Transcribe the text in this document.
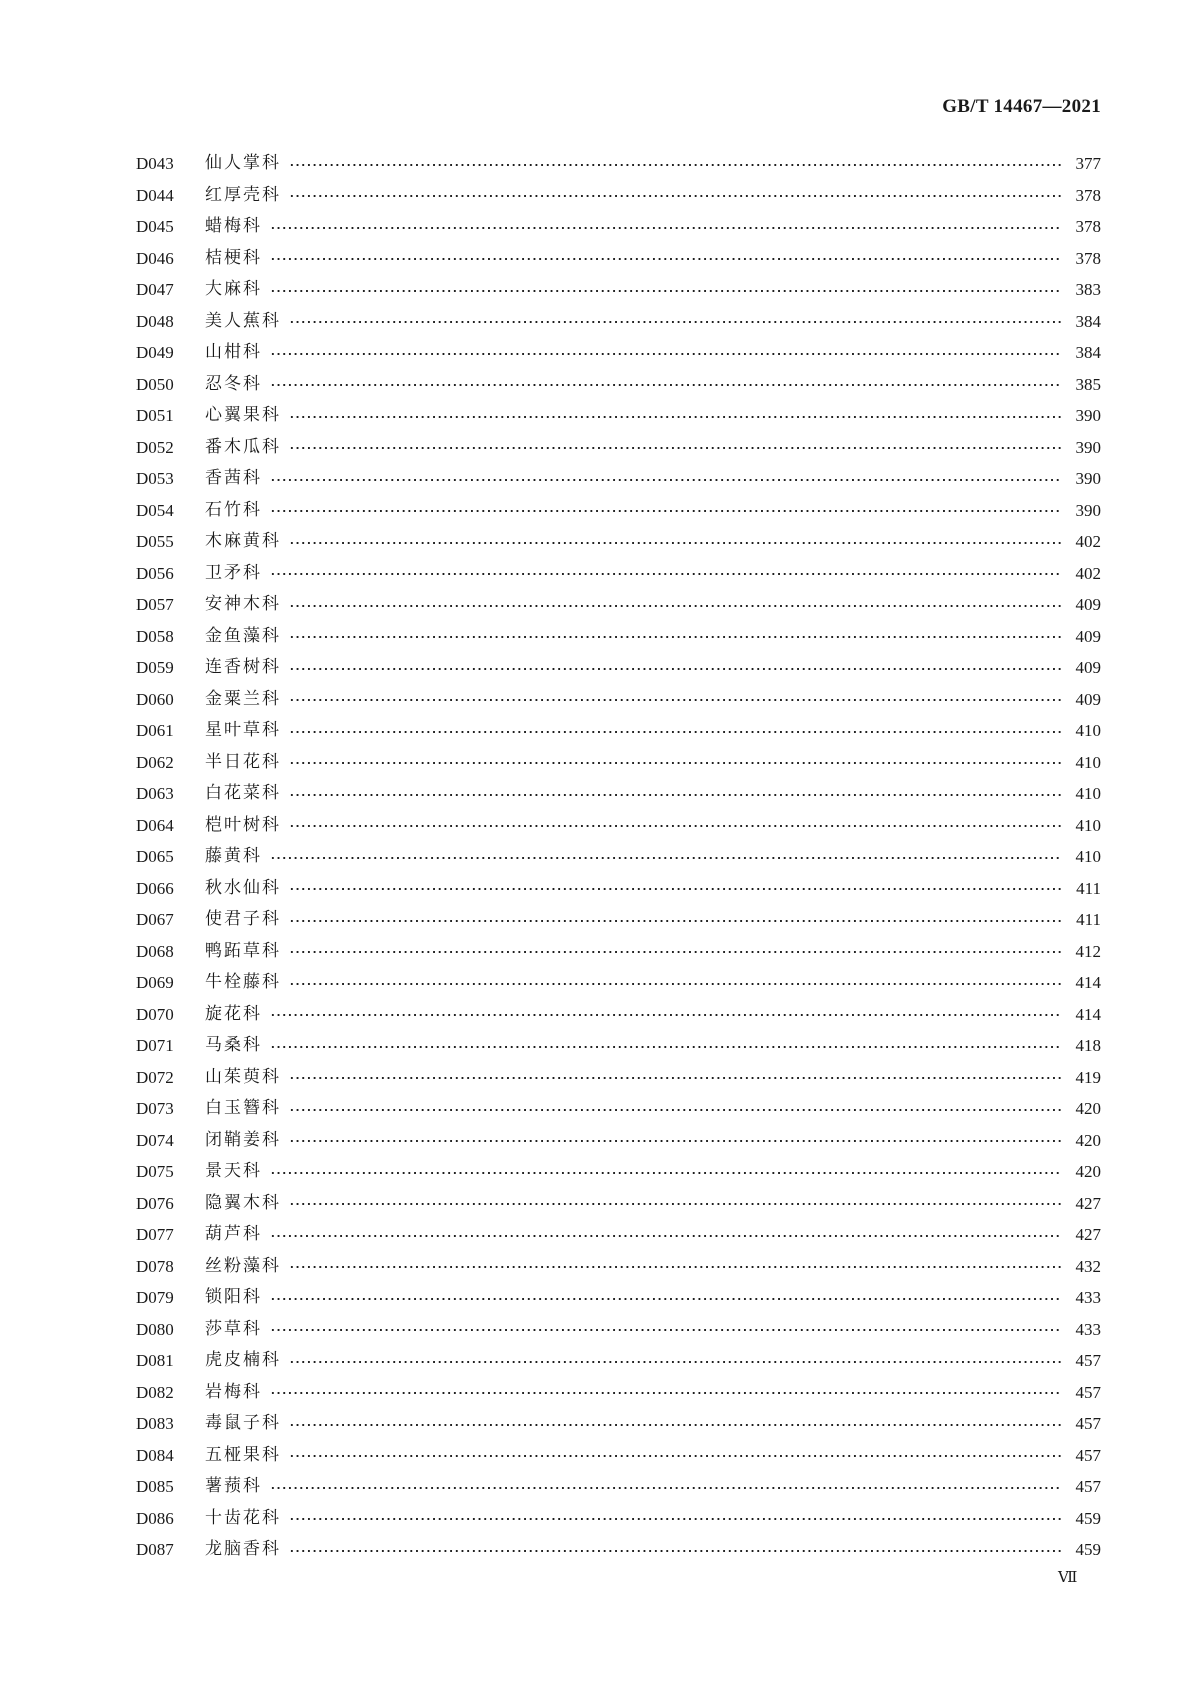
GB/T 14467—2021
D043	仙人掌科	377
D044	红厚壳科	378
D045	蜡梅科	378
D046	桔梗科	378
D047	大麻科	383
D048	美人蕉科	384
D049	山柑科	384
D050	忍冬科	385
D051	心翼果科	390
D052	番木瓜科	390
D053	香茜科	390
D054	石竹科	390
D055	木麻黄科	402
D056	卫矛科	402
D057	安神木科	409
D058	金鱼藻科	409
D059	连香树科	409
D060	金粟兰科	409
D061	星叶草科	410
D062	半日花科	410
D063	白花菜科	410
D064	桤叶树科	410
D065	藤黄科	410
D066	秋水仙科	411
D067	使君子科	411
D068	鸭跖草科	412
D069	牛栓藤科	414
D070	旋花科	414
D071	马桑科	418
D072	山茱萸科	419
D073	白玉簪科	420
D074	闭鞘姜科	420
D075	景天科	420
D076	隐翼木科	427
D077	葫芦科	427
D078	丝粉藻科	432
D079	锁阳科	433
D080	莎草科	433
D081	虎皮楠科	457
D082	岩梅科	457
D083	毒鼠子科	457
D084	五桠果科	457
D085	薯蓣科	457
D086	十齿花科	459
D087	龙脑香科	459
Ⅶ
